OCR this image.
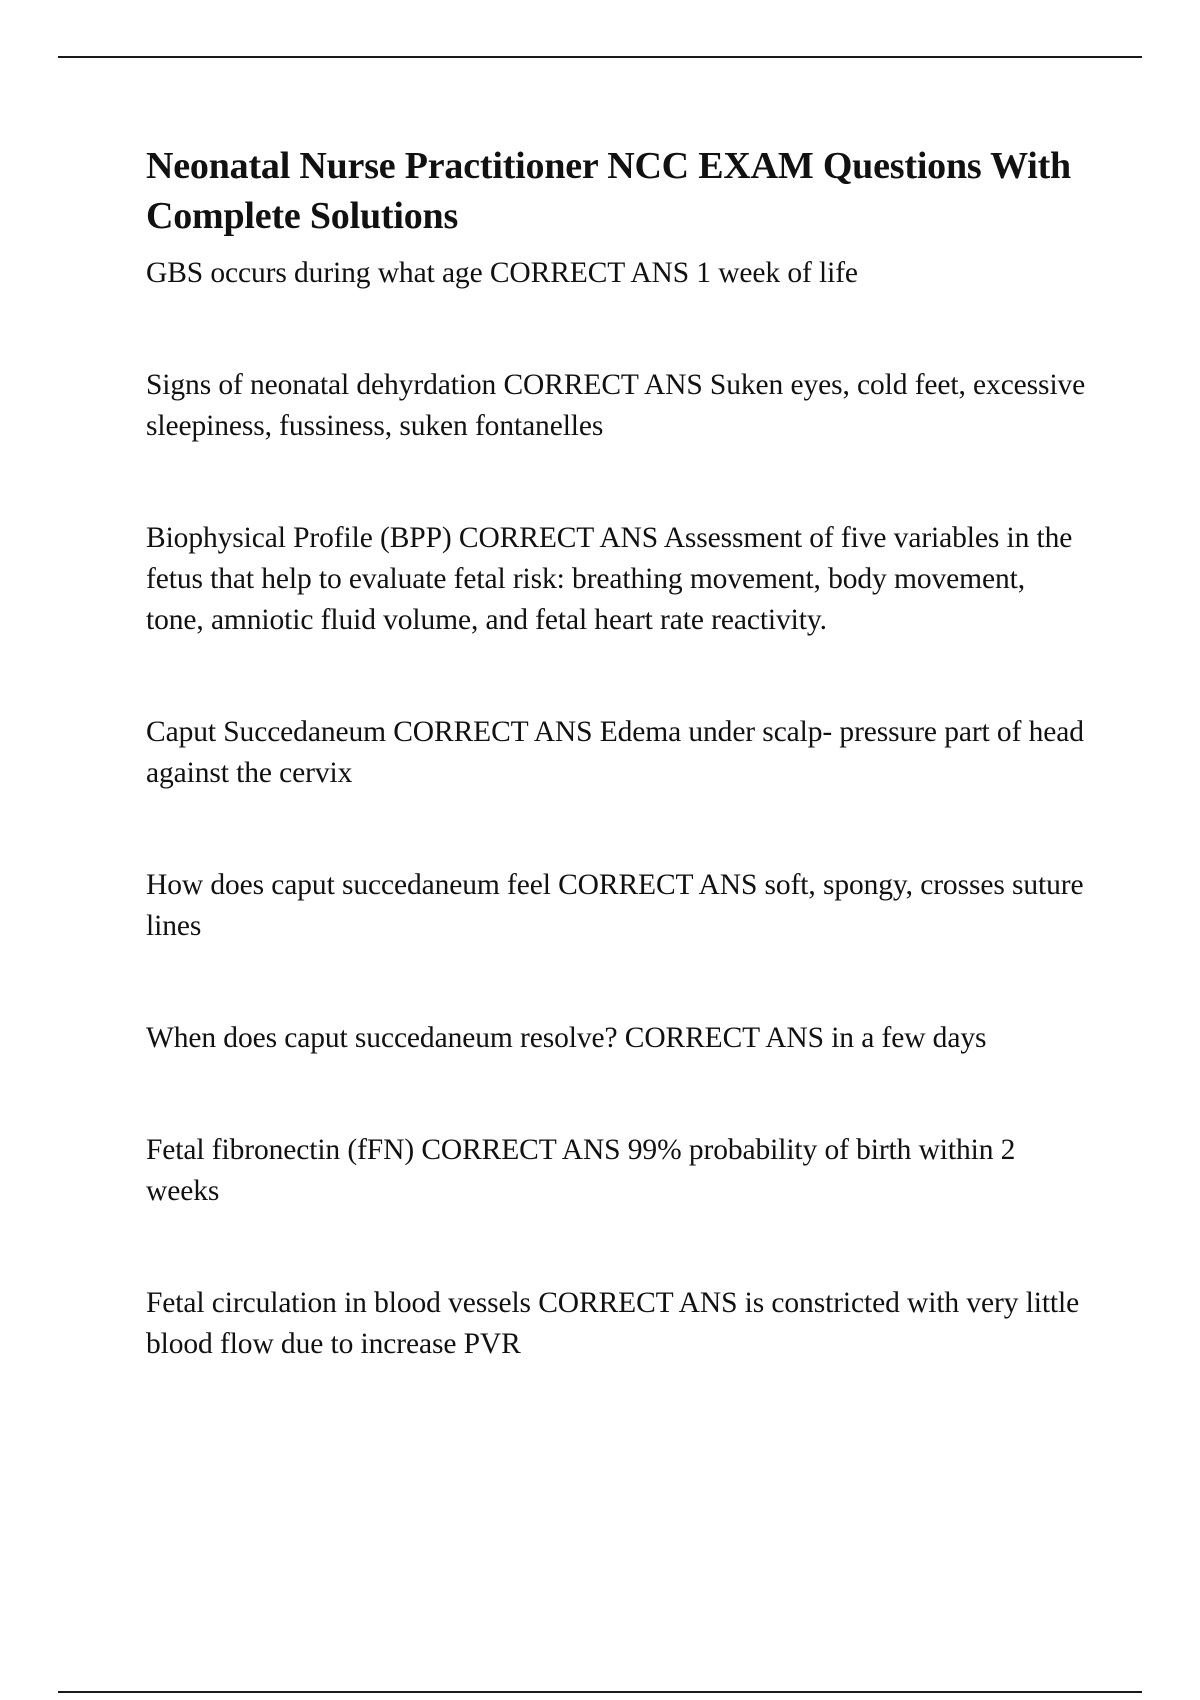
Neonatal Nurse Practitioner NCC EXAM Questions With Complete Solutions
GBS occurs during what age CORRECT ANS 1 week of life
Signs of neonatal dehyrdation CORRECT ANS Suken eyes, cold feet, excessive sleepiness, fussiness, suken fontanelles
Biophysical Profile (BPP) CORRECT ANS Assessment of five variables in the fetus that help to evaluate fetal risk: breathing movement, body movement, tone, amniotic fluid volume, and fetal heart rate reactivity.
Caput Succedaneum CORRECT ANS Edema under scalp- pressure part of head against the cervix
How does caput succedaneum feel CORRECT ANS soft, spongy, crosses suture lines
When does caput succedaneum resolve? CORRECT ANS in a few days
Fetal fibronectin (fFN) CORRECT ANS 99% probability of birth within 2 weeks
Fetal circulation in blood vessels CORRECT ANS is constricted with very little blood flow due to increase PVR
